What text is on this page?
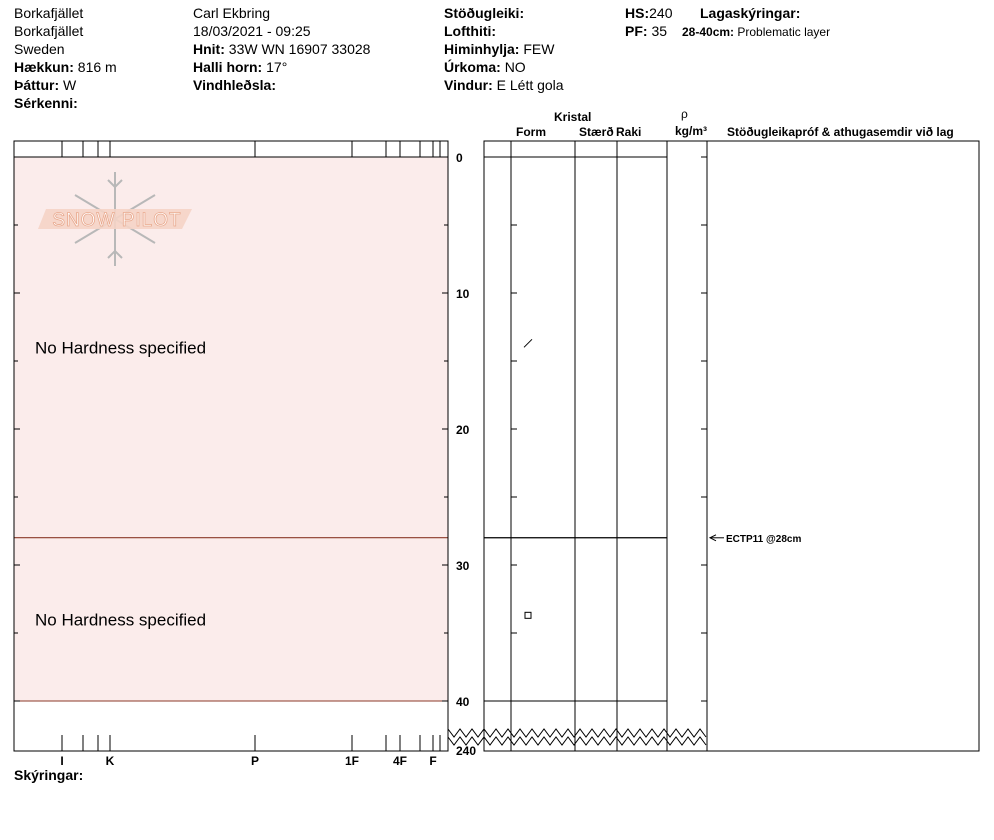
Borkafjället
Borkafjället
Sweden
Hækkun: 816 m
Þáttur: W
Sérkenni:
Carl Ekbring
18/03/2021 - 09:25
Hnit: 33W WN 16907 33028
Halli horn: 17°
Vindhleðsla:
Stöðugleiki:
Lofthiti:
Himinhylja: FEW
Úrkoma: NO
Vindur: E Létt gola
HS:240
PF: 35
Lagaskýringar:
28-40cm: Problematic layer
Kristal
Form	Stærð Raki
ρ
kg/m³ Stöðugleikapróf & athugasemdir við lag
No Hardness specified
No Hardness specified
SNOW PILOT
ECTP11 @28cm
0
10
20
30
40
240
I	K	P	1F	4F F
Skýringar:
